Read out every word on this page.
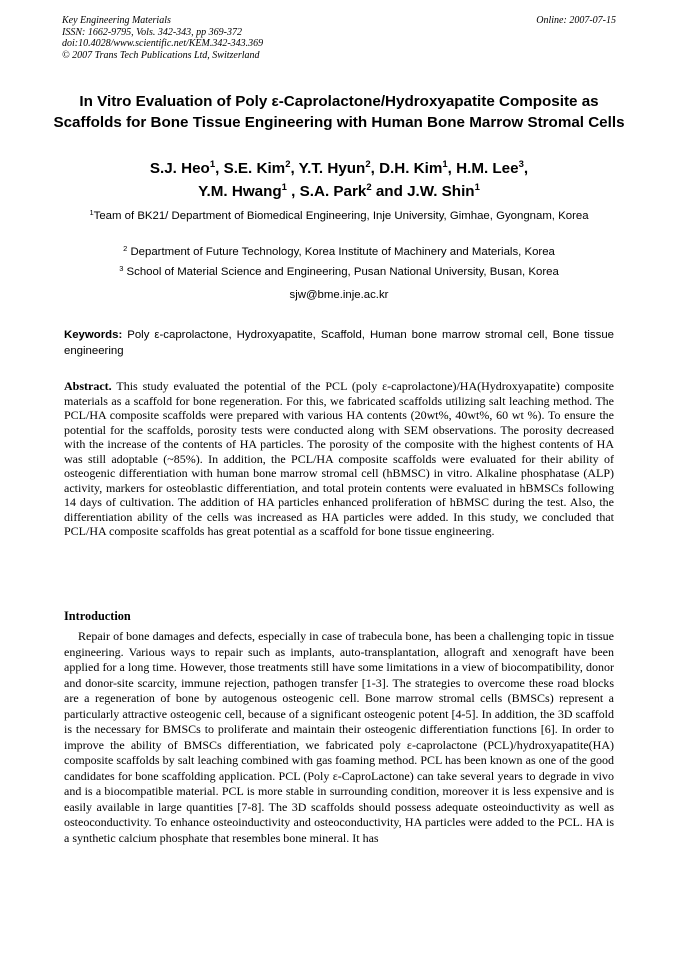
Key Engineering Materials
ISSN: 1662-9795, Vols. 342-343, pp 369-372
doi:10.4028/www.scientific.net/KEM.342-343.369
© 2007 Trans Tech Publications Ltd, Switzerland
Online: 2007-07-15
In Vitro Evaluation of Poly ε-Caprolactone/Hydroxyapatite Composite as Scaffolds for Bone Tissue Engineering with Human Bone Marrow Stromal Cells
S.J. Heo$^1$, S.E. Kim$^2$, Y.T. Hyun$^2$, D.H. Kim$^1$, H.M. Lee$^3$,
Y.M. Hwang$^1$ , S.A. Park$^2$ and J.W. Shin$^1$
$^1$Team of BK21/ Department of Biomedical Engineering, Inje University, Gimhae, Gyongnam, Korea
$^2$ Department of Future Technology, Korea Institute of Machinery and Materials, Korea
$^3$ School of Material Science and Engineering, Pusan National University, Busan, Korea
sjw@bme.inje.ac.kr
Keywords: Poly ε-caprolactone, Hydroxyapatite, Scaffold, Human bone marrow stromal cell, Bone tissue engineering
Abstract. This study evaluated the potential of the PCL (poly ε-caprolactone)/HA(Hydroxyapatite) composite materials as a scaffold for bone regeneration. For this, we fabricated scaffolds utilizing salt leaching method. The PCL/HA composite scaffolds were prepared with various HA contents (20wt%, 40wt%, 60 wt %). To ensure the potential for the scaffolds, porosity tests were conducted along with SEM observations. The porosity decreased with the increase of the contents of HA particles. The porosity of the composite with the highest contents of HA was still adoptable (~85%). In addition, the PCL/HA composite scaffolds were evaluated for their ability of osteogenic differentiation with human bone marrow stromal cell (hBMSC) in vitro. Alkaline phosphatase (ALP) activity, markers for osteoblastic differentiation, and total protein contents were evaluated in hBMSCs following 14 days of cultivation. The addition of HA particles enhanced proliferation of hBMSC during the test. Also, the differentiation ability of the cells was increased as HA particles were added. In this study, we concluded that PCL/HA composite scaffolds has great potential as a scaffold for bone tissue engineering.
Introduction
Repair of bone damages and defects, especially in case of trabecula bone, has been a challenging topic in tissue engineering. Various ways to repair such as implants, auto-transplantation, allograft and xenograft have been applied for a long time. However, those treatments still have some limitations in a view of biocompatibility, donor and donor-site scarcity, immune rejection, pathogen transfer [1-3]. The strategies to overcome these road blocks are a regeneration of bone by autogenous osteogenic cell. Bone marrow stromal cells (BMSCs) represent a particularly attractive osteogenic cell, because of a significant osteogenic potent [4-5]. In addition, the 3D scaffold is the necessary for BMSCs to proliferate and maintain their osteogenic differentiation functions [6]. In order to improve the ability of BMSCs differentiation, we fabricated poly ε-caprolactone (PCL)/hydroxyapatite(HA) composite scaffolds by salt leaching combined with gas foaming method. PCL has been known as one of the good candidates for bone scaffolding application. PCL (Poly ε-CaproLactone) can take several years to degrade in vivo and is a biocompatible material. PCL is more stable in surrounding condition, moreover it is less expensive and is easily available in large quantities [7-8]. The 3D scaffolds should possess adequate osteoinductivity as well as osteoconductivity. To enhance osteoinductivity and osteoconductivity, HA particles were added to the PCL. HA is a synthetic calcium phosphate that resembles bone mineral. It has
